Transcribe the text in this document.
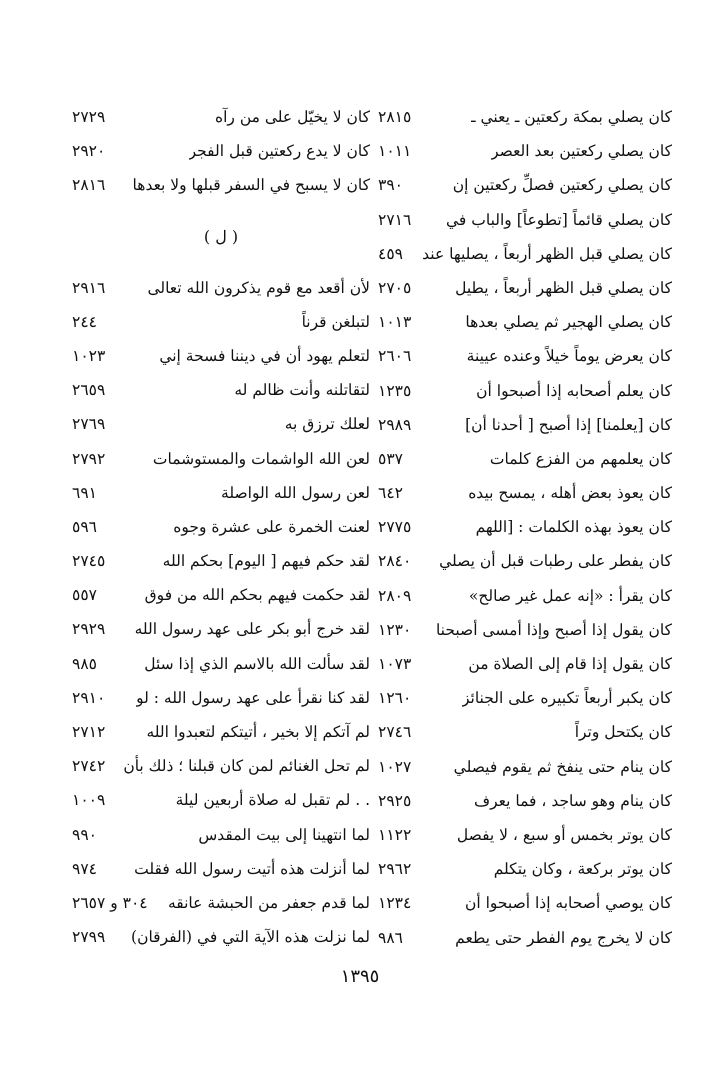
كان يصلي بمكة ركعتين ـ يعني ـ
٢٨١٥
كان يصلي ركعتين بعد العصر
١٠١١
كان يصلي ركعتين فصلِّ ركعتين إن
٣٩٠
كان يصلي قائماً [تطوعاً] والباب في
٢٧١٦
كان يصلي قبل الظهر أربعاً ، يصليها عند
٤٥٩
كان يصلي قبل الظهر أربعاً ، يطيل
٢٧٠٥
كان يصلي الهجير ثم يصلي بعدها
١٠١٣
كان يعرض يوماً خيلاً وعنده عيينة
٢٦٠٦
كان يعلم أصحابه إذا أصبحوا أن
١٢٣٥
كان [يعلمنا] إذا أصبح [ أحدنا أن]
٢٩٨٩
كان يعلمهم من الفزع كلمات
٥٣٧
كان يعوذ بعض أهله ، يمسح بيده
٦٤٢
كان يعوذ بهذه الكلمات : [اللهم
٢٧٧٥
كان يفطر على رطبات قبل أن يصلي
٢٨٤٠
كان يقرأ : «إنه عمل غير صالح»
٢٨٠٩
كان يقول إذا أصبح وإذا أمسى أصبحنا
١٢٣٠
كان يقول إذا قام إلى الصلاة من
١٠٧٣
كان يكبر أربعاً تكبيره على الجنائز
١٢٦٠
كان يكتحل وتراً
٢٧٤٦
كان ينام حتى ينفخ ثم يقوم فيصلي
١٠٢٧
كان ينام وهو ساجد ، فما يعرف
٢٩٢٥
كان يوتر بخمس أو سبع ، لا يفصل
١١٢٢
كان يوتر بركعة ، وكان يتكلم
٢٩٦٢
كان يوصي أصحابه إذا أصبحوا أن
١٢٣٤
كان لا يخرج يوم الفطر حتى يطعم
٩٨٦
كان لا يخيّل على من رآه
٢٧٢٩
كان لا يدع ركعتين قبل الفجر
٢٩٢٠
كان لا يسبح في السفر قبلها ولا بعدها
٢٨١٦
( ل )
لأن أقعد مع قوم يذكرون الله تعالى
٢٩١٦
لتبلغن قرناً
٢٤٤
لتعلم يهود أن في ديننا فسحة إني
١٠٢٣
لتقاتلنه وأنت ظالم له
٢٦٥٩
لعلك ترزق به
٢٧٦٩
لعن الله الواشمات والمستوشمات
٢٧٩٢
لعن رسول الله الواصلة
٦٩١
لعنت الخمرة على عشرة وجوه
٥٩٦
لقد حكم فيهم [ اليوم] بحكم الله
٢٧٤٥
لقد حكمت فيهم بحكم الله من فوق
٥٥٧
لقد خرج أبو بكر على عهد رسول الله
٢٩٢٩
لقد سألت الله بالاسم الذي إذا سئل
٩٨٥
لقد كنا نقرأ على عهد رسول الله : لو
٢٩١٠
لم آتكم إلا بخير ، أتيتكم لتعبدوا الله
٢٧١٢
لم تحل الغنائم لمن كان قبلنا ؛ ذلك بأن
٢٧٤٢
. . لم تقبل له صلاة أربعين ليلة
١٠٠٩
لما انتهينا إلى بيت المقدس
٩٩٠
لما أنزلت هذه أتيت رسول الله فقلت
٩٧٤
لما قدم جعفر من الحبشة عانقه
٣٠٤ و ٢٦٥٧
لما نزلت هذه الآية التي في (الفرقان)
٢٧٩٩
١٣٩٥
